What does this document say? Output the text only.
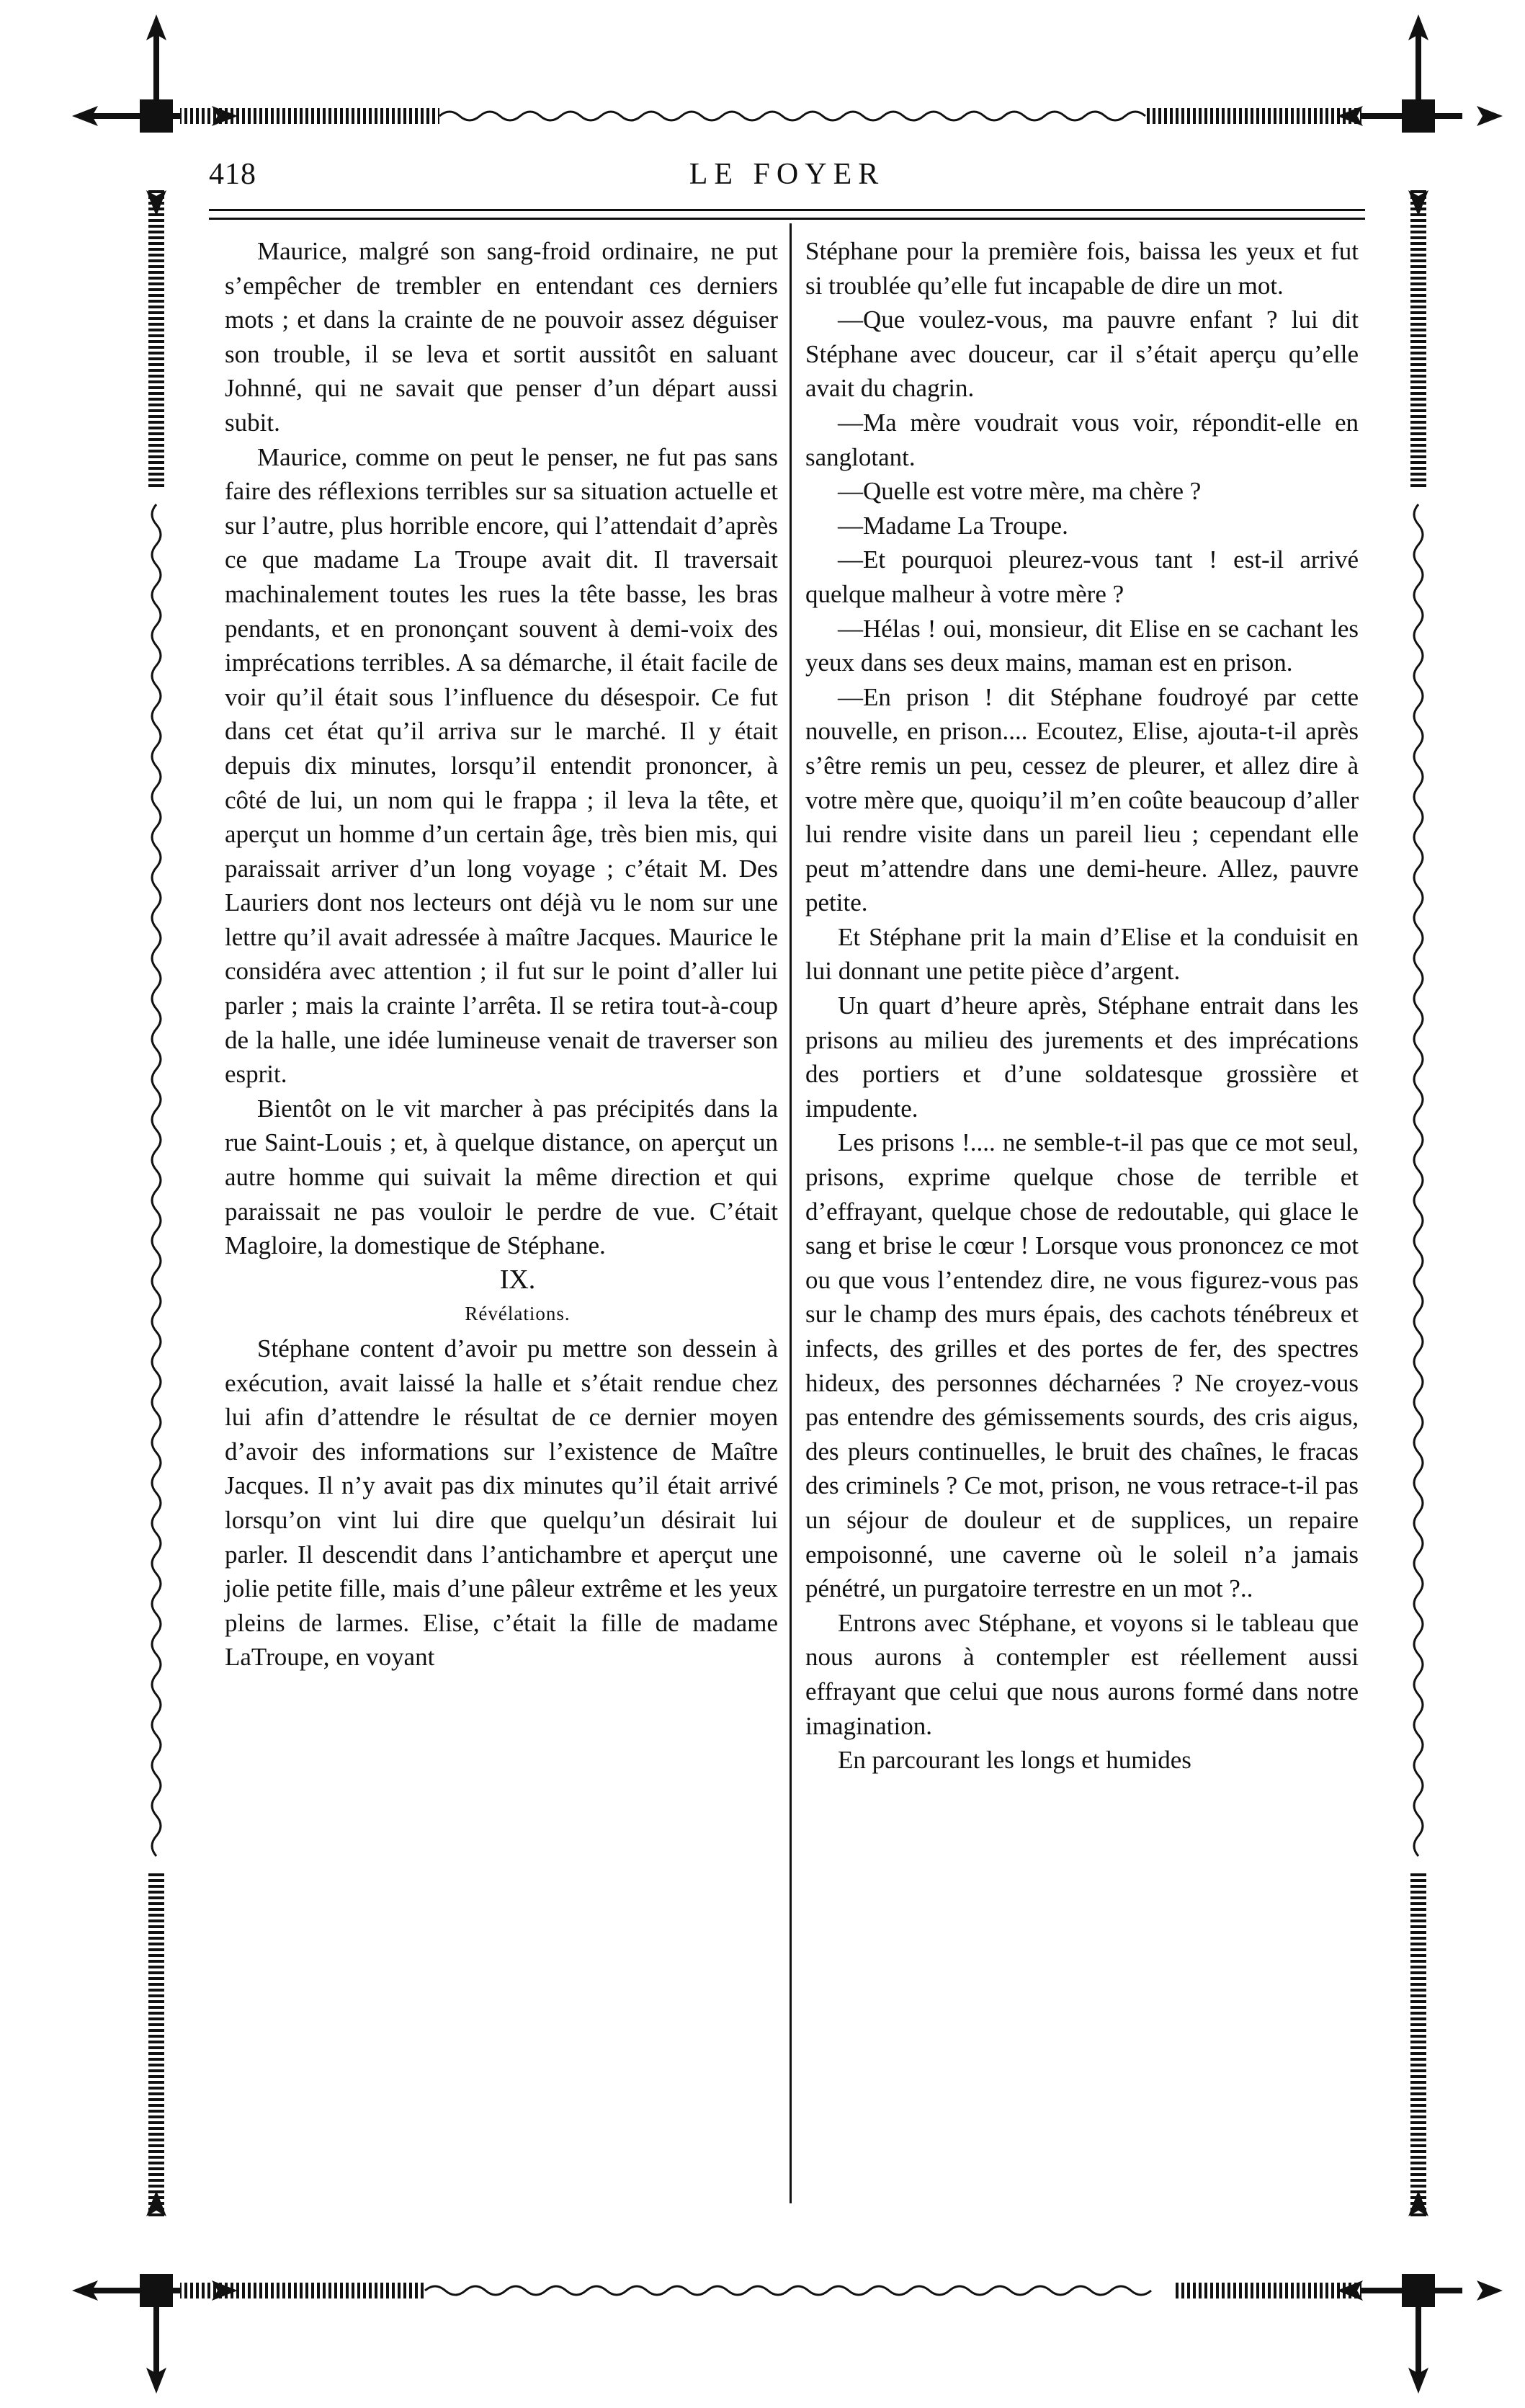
418	LE FOYER

Maurice, malgré son sang-froid ordinaire, ne put s’empêcher de trembler en entendant ces derniers mots ; et dans la crainte de ne pouvoir assez déguiser son trouble, il se leva et sortit aussitôt en saluant Johnné, qui ne savait que penser d’un départ aussi subit.

Maurice, comme on peut le penser, ne fut pas sans faire des réflexions terribles sur sa situation actuelle et sur l’autre, plus horrible encore, qui l’attendait d’après ce que madame La Troupe avait dit. Il traversait machinalement toutes les rues la tête basse, les bras pendants, et en prononçant souvent à demi-voix des imprécations terribles. A sa démarche, il était facile de voir qu’il était sous l’influence du désespoir. Ce fut dans cet état qu’il arriva sur le marché. Il y était depuis dix minutes, lorsqu’il entendit prononcer, à côté de lui, un nom qui le frappa ; il leva la tête, et aperçut un homme d’un certain âge, très bien mis, qui paraissait arriver d’un long voyage ; c’était M. Des Lauriers dont nos lecteurs ont déjà vu le nom sur une lettre qu’il avait adressée à maître Jacques. Maurice le considéra avec attention ; il fut sur le point d’aller lui parler ; mais la crainte l’arrêta. Il se retira tout-à-coup de la halle, une idée lumineuse venait de traverser son esprit.

Bientôt on le vit marcher à pas précipités dans la rue Saint-Louis ; et, à quelque distance, on aperçut un autre homme qui suivait la même direction et qui paraissait ne pas vouloir le perdre de vue. C’était Magloire, la domestique de Stéphane.

IX.

Révélations.

Stéphane content d’avoir pu mettre son dessein à exécution, avait laissé la halle et s’était rendue chez lui afin d’attendre le résultat de ce dernier moyen d’avoir des informations sur l’existence de Maître Jacques. Il n’y avait pas dix minutes qu’il était arrivé lorsqu’on vint lui dire que quelqu’un désirait lui parler. Il descendit dans l’antichambre et aperçut une jolie petite fille, mais d’une pâleur extrême et les yeux pleins de larmes. Elise, c’était la fille de madame LaTroupe, en voyant

Stéphane pour la première fois, baissa les yeux et fut si troublée qu’elle fut incapable de dire un mot.

—Que voulez-vous, ma pauvre enfant ? lui dit Stéphane avec douceur, car il s’était aperçu qu’elle avait du chagrin.

—Ma mère voudrait vous voir, répondit-elle en sanglotant.

—Quelle est votre mère, ma chère ?

—Madame La Troupe.

—Et pourquoi pleurez-vous tant ! est-il arrivé quelque malheur à votre mère ?

—Hélas ! oui, monsieur, dit Elise en se cachant les yeux dans ses deux mains, maman est en prison.

—En prison ! dit Stéphane foudroyé par cette nouvelle, en prison.... Ecoutez, Elise, ajouta-t-il après s’être remis un peu, cessez de pleurer, et allez dire à votre mère que, quoiqu’il m’en coûte beaucoup d’aller lui rendre visite dans un pareil lieu ; cependant elle peut m’attendre dans une demi-heure. Allez, pauvre petite.

Et Stéphane prit la main d’Elise et la conduisit en lui donnant une petite pièce d’argent.

Un quart d’heure après, Stéphane entrait dans les prisons au milieu des jurements et des imprécations des portiers et d’une soldatesque grossière et impudente.

Les prisons !.... ne semble-t-il pas que ce mot seul, prisons, exprime quelque chose de terrible et d’effrayant, quelque chose de redoutable, qui glace le sang et brise le cœur ! Lorsque vous prononcez ce mot ou que vous l’entendez dire, ne vous figurez-vous pas sur le champ des murs épais, des cachots ténébreux et infects, des grilles et des portes de fer, des spectres hideux, des personnes décharnées ? Ne croyez-vous pas entendre des gémissements sourds, des cris aigus, des pleurs continuelles, le bruit des chaînes, le fracas des criminels ? Ce mot, prison, ne vous retrace-t-il pas un séjour de douleur et de supplices, un repaire empoisonné, une caverne où le soleil n’a jamais pénétré, un purgatoire terrestre en un mot ?..

Entrons avec Stéphane, et voyons si le tableau que nous aurons à contempler est réellement aussi effrayant que celui que nous aurons formé dans notre imagination.

En parcourant les longs et humides
